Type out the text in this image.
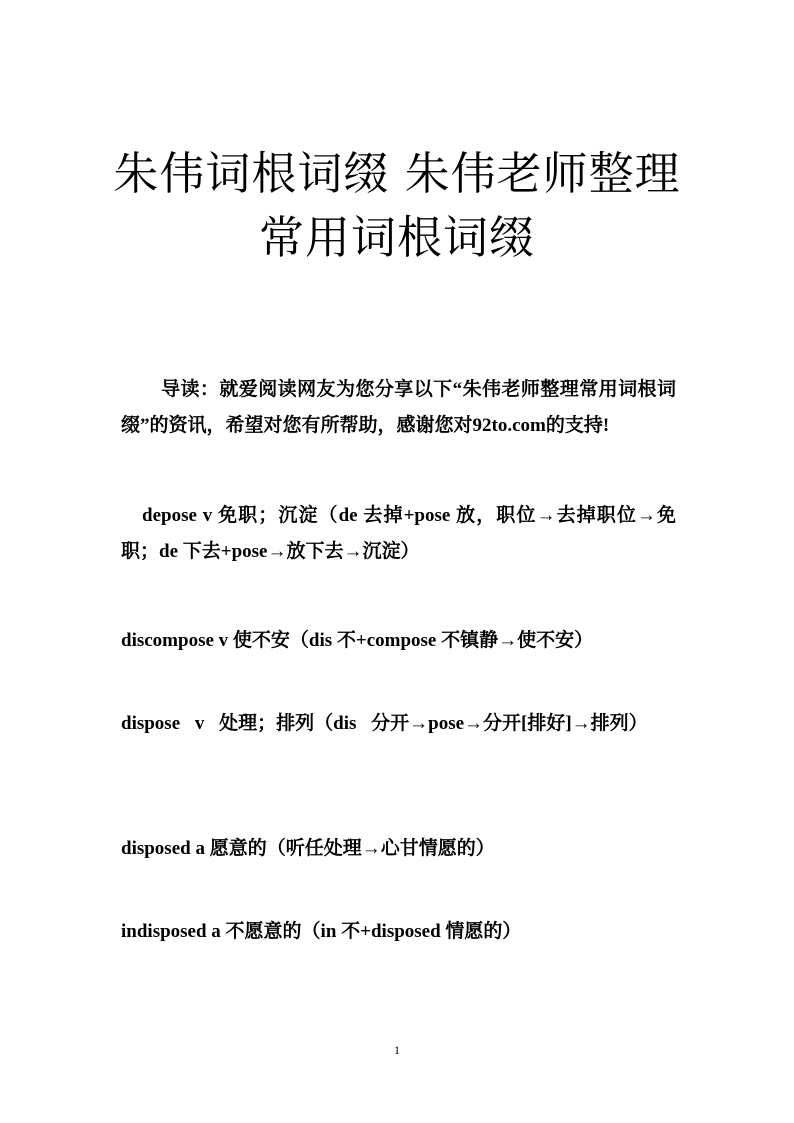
朱伟词根词缀 朱伟老师整理常用词根词缀
导读：就爱阅读网友为您分享以下“朱伟老师整理常用词根词缀”的资讯，希望对您有所帮助，感谢您对92to.com的支持!
depose v 免职；沉淀（de 去掉+pose 放，职位→去掉职位→免职；de 下去+pose→放下去→沉淀）
discompose v 使不安（dis 不+compose 不镇静→使不安）
dispose v 处理；排列（dis 分开→pose→分开[排好]→排列）
disposed a 愿意的（听任处理→心甘情愿的）
indisposed a 不愿意的（in 不+disposed 情愿的）
1
